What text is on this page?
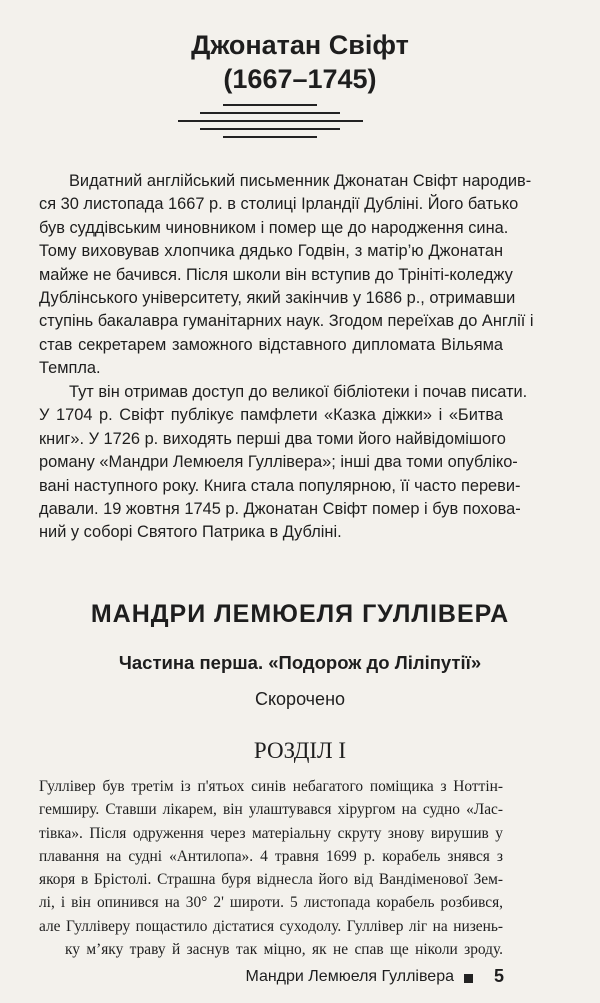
Джонатан Свіфт
(1667–1745)
Видатний англійський письменник Джонатан Свіфт народив-
ся 30 листопада 1667 р. в столиці Ірландії Дубліні. Його батько
був суддівським чиновником і помер ще до народження сина.
Тому виховував хлопчика дядько Годвін, з матір’ю Джонатан
майже не бачився. Після школи він вступив до Трініті-коледжу
Дублінського університету, який закінчив у 1686 р., отримавши
ступінь бакалавра гуманітарних наук. Згодом переїхав до Англії і
став секретарем заможного відставного дипломата Вільяма
Темпла.
Тут він отримав доступ до великої бібліотеки і почав писати.
У 1704 р. Свіфт публікує памфлети «Казка діжки» і «Битва
книг». У 1726 р. виходять перші два томи його найвідомішого
роману «Мандри Лемюеля Гуллівера»; інші два томи опубліко-
вані наступного року. Книга стала популярною, її часто переви-
давали. 19 жовтня 1745 р. Джонатан Свіфт помер і був похова-
ний у соборі Святого Патрика в Дубліні.
МАНДРИ ЛЕМЮЕЛЯ ГУЛЛІВЕРА
Частина перша. «Подорож до Ліліпутії»
Скорочено
РОЗДІЛ I
Гуллівер був третім із п'ятьох синів небагатого поміщика з Ноттін-
гемширу. Ставши лікарем, він улаштувався хірургом на судно «Лас-
тівка». Після одруження через матеріальну скруту знову вирушив у
плавання на судні «Антилопа». 4 травня 1699 р. корабель знявся з
якоря в Брістолі. Страшна буря віднесла його від Вандіменової Зем-
лі, і він опинився на 30° 2' широти. 5 листопада корабель розбився,
але Гулліверу пощастило дістатися суходолу. Гуллівер ліг на низень-
ку м’яку траву й заснув так міцно, як не спав ще ніколи зроду.
Мандри Лемюеля Гуллівера 5
